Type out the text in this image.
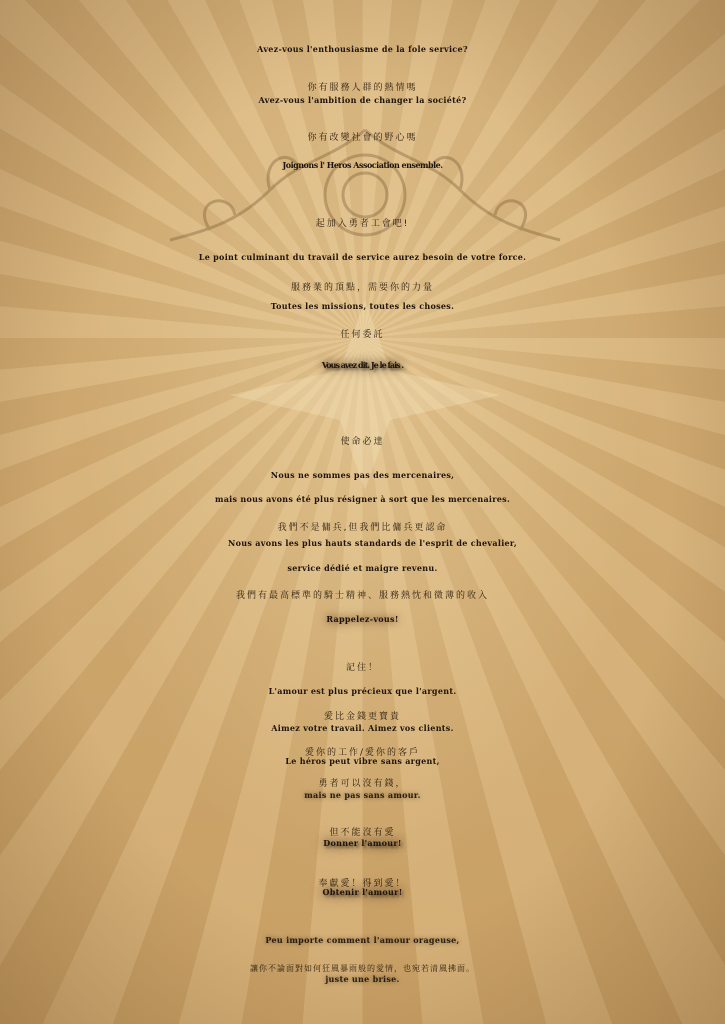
Avez-vous l'enthousiasme de la fole service?
你有服務人群的熱情嗎
Avez-vous l'ambition de changer la société?
你有改變社會的野心嗎
Joignons l' Heros Association ensemble.
起加入勇者工會吧!
Le point culminant du travail de service aurez besoin de votre force.
服務業的頂點，需要你的力量
Toutes les missions, toutes les choses.
任何委託
Vous avez dit. Je le fais .
使命必達
Nous ne sommes pas des mercenaires,
mais nous avons été plus résigner à sort que les mercenaires.
我們不是傭兵,但我們比傭兵更認命
Nous avons les plus hauts standards de l'esprit de chevalier,
service dédié et maigre revenu.
我們有最高標準的騎士精神、服務熱忱和微薄的收入
Rappelez-vous!
記住！
L'amour est plus précieux que l'argent.
愛比金錢更寶貴
Aimez votre travail. Aimez vos clients.
愛你的工作/愛你的客戶
Le héros peut vibre sans argent,
勇者可以沒有錢，
mais ne pas sans amour.
但不能沒有愛
Donner l'amour!
奉獻愛！得到愛！
Obtenir l'amour!
Peu importe comment l'amour orageuse,
讓你不論面對如何狂風暴雨般的愛情，也宛若清風拂面。
juste une brise.
